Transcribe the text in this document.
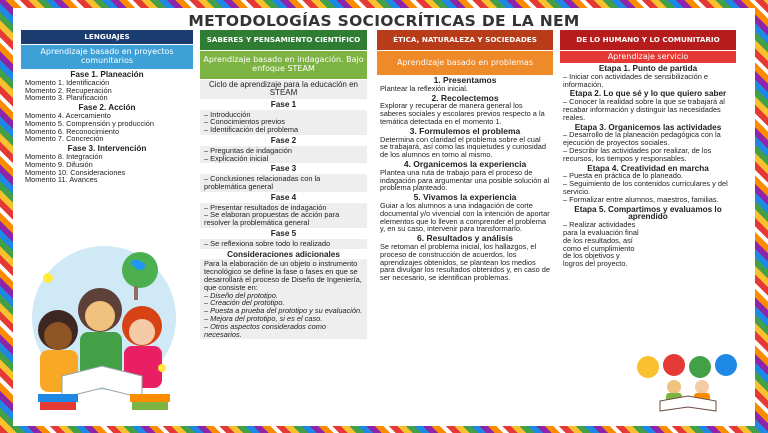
METODOLOGÍAS SOCIOCRÍTICAS DE LA NEM
LENGUAJES
Aprendizaje basado en proyectos comunitarios
Fase 1. Planeación
Momento 1. Identificación
Momento 2. Recuperación
Momento 3. Planificación
Fase 2. Acción
Momento 4. Acercamiento
Momento 5. Comprensión y producción
Momento 6. Reconocimiento
Momento 7. Concreción
Fase 3. Intervención
Momento 8. Integración
Momento 9. Difusión
Momento 10. Consideraciones
Momento 11. Avances
SABERES Y PENSAMIENTO CIENTÍFICO
Aprendizaje basado en indagación. Bajo enfoque STEAM
Ciclo de aprendizaje para la educación en STEAM
Fase 1
– Introducción
– Conocimientos previos
– Identificación del problema
Fase 2
– Preguntas de indagación
– Explicación inicial
Fase 3
– Conclusiones relacionadas con la problemática general
Fase 4
– Presentar resultados de indagación
– Se elaboran propuestas de acción para resolver la problemática general
Fase 5
– Se reflexiona sobre todo lo realizado
Consideraciones adicionales
Para la elaboración de un objeto o instrumento tecnológico se define la fase o fases en que se desarrollará el proceso de Diseño de Ingeniería, que consiste en:
– Diseño del prototipo.
– Creación del prototipo.
– Puesta a prueba del prototipo y su evaluación.
– Mejora del prototipo, si es el caso.
– Otros aspectos considerados como necesarios.
ÉTICA, NATURALEZA Y SOCIEDADES
Aprendizaje basado en problemas
1. Presentamos
Plantear la reflexión inicial.
2. Recolectemos
Explorar y recuperar de manera general los saberes sociales y escolares previos respecto a la temática detectada en el momento 1.
3. Formulemos el problema
Determina con claridad el problema sobre el cual se trabajará, así como las inquietudes y curiosidad de los alumnos en torno al mismo.
4. Organicemos la experiencia
Plantea una ruta de trabajo para el proceso de indagación para argumentar una posible solución al problema planteado.
5. Vivamos la experiencia
Guiar a los alumnos a una indagación de corte documental y/o vivencial con la intención de aportar elementos que lo lleven a comprender el problema y, en su caso, intervenir para transformarlo.
6. Resultados y análisis
Se retoman el problema inicial, los hallazgos, el proceso de construcción de acuerdos, los aprendizajes obtenidos, se plantean los medios para divulgar los resultados obtenidos y, en caso de ser necesario, se identifican problemas.
DE LO HUMANO Y LO COMUNITARIO
Aprendizaje servicio
Etapa 1. Punto de partida
– Iniciar con actividades de sensibilización e información.
Etapa 2. Lo que sé y lo que quiero saber
– Conocer la realidad sobre la que se trabajará al recabar información y distinguir las necesidades reales.
Etapa 3. Organicemos las actividades
– Desarrollo de la planeación pedagógica con la ejecución de proyectos sociales.
– Describir las actividades por realizar, de los recursos, los tiempos y responsables.
Etapa 4. Creatividad en marcha
– Puesta en práctica de lo planeado.
– Seguimiento de los contenidos curriculares y del servicio.
– Formalizar entre alumnos, maestros, familias.
Etapa 5. Compartimos y evaluamos lo aprendido
– Realizar actividades para la evaluación final de los resultados, así como el cumplimiento de los objetivos y logros del proyecto.
